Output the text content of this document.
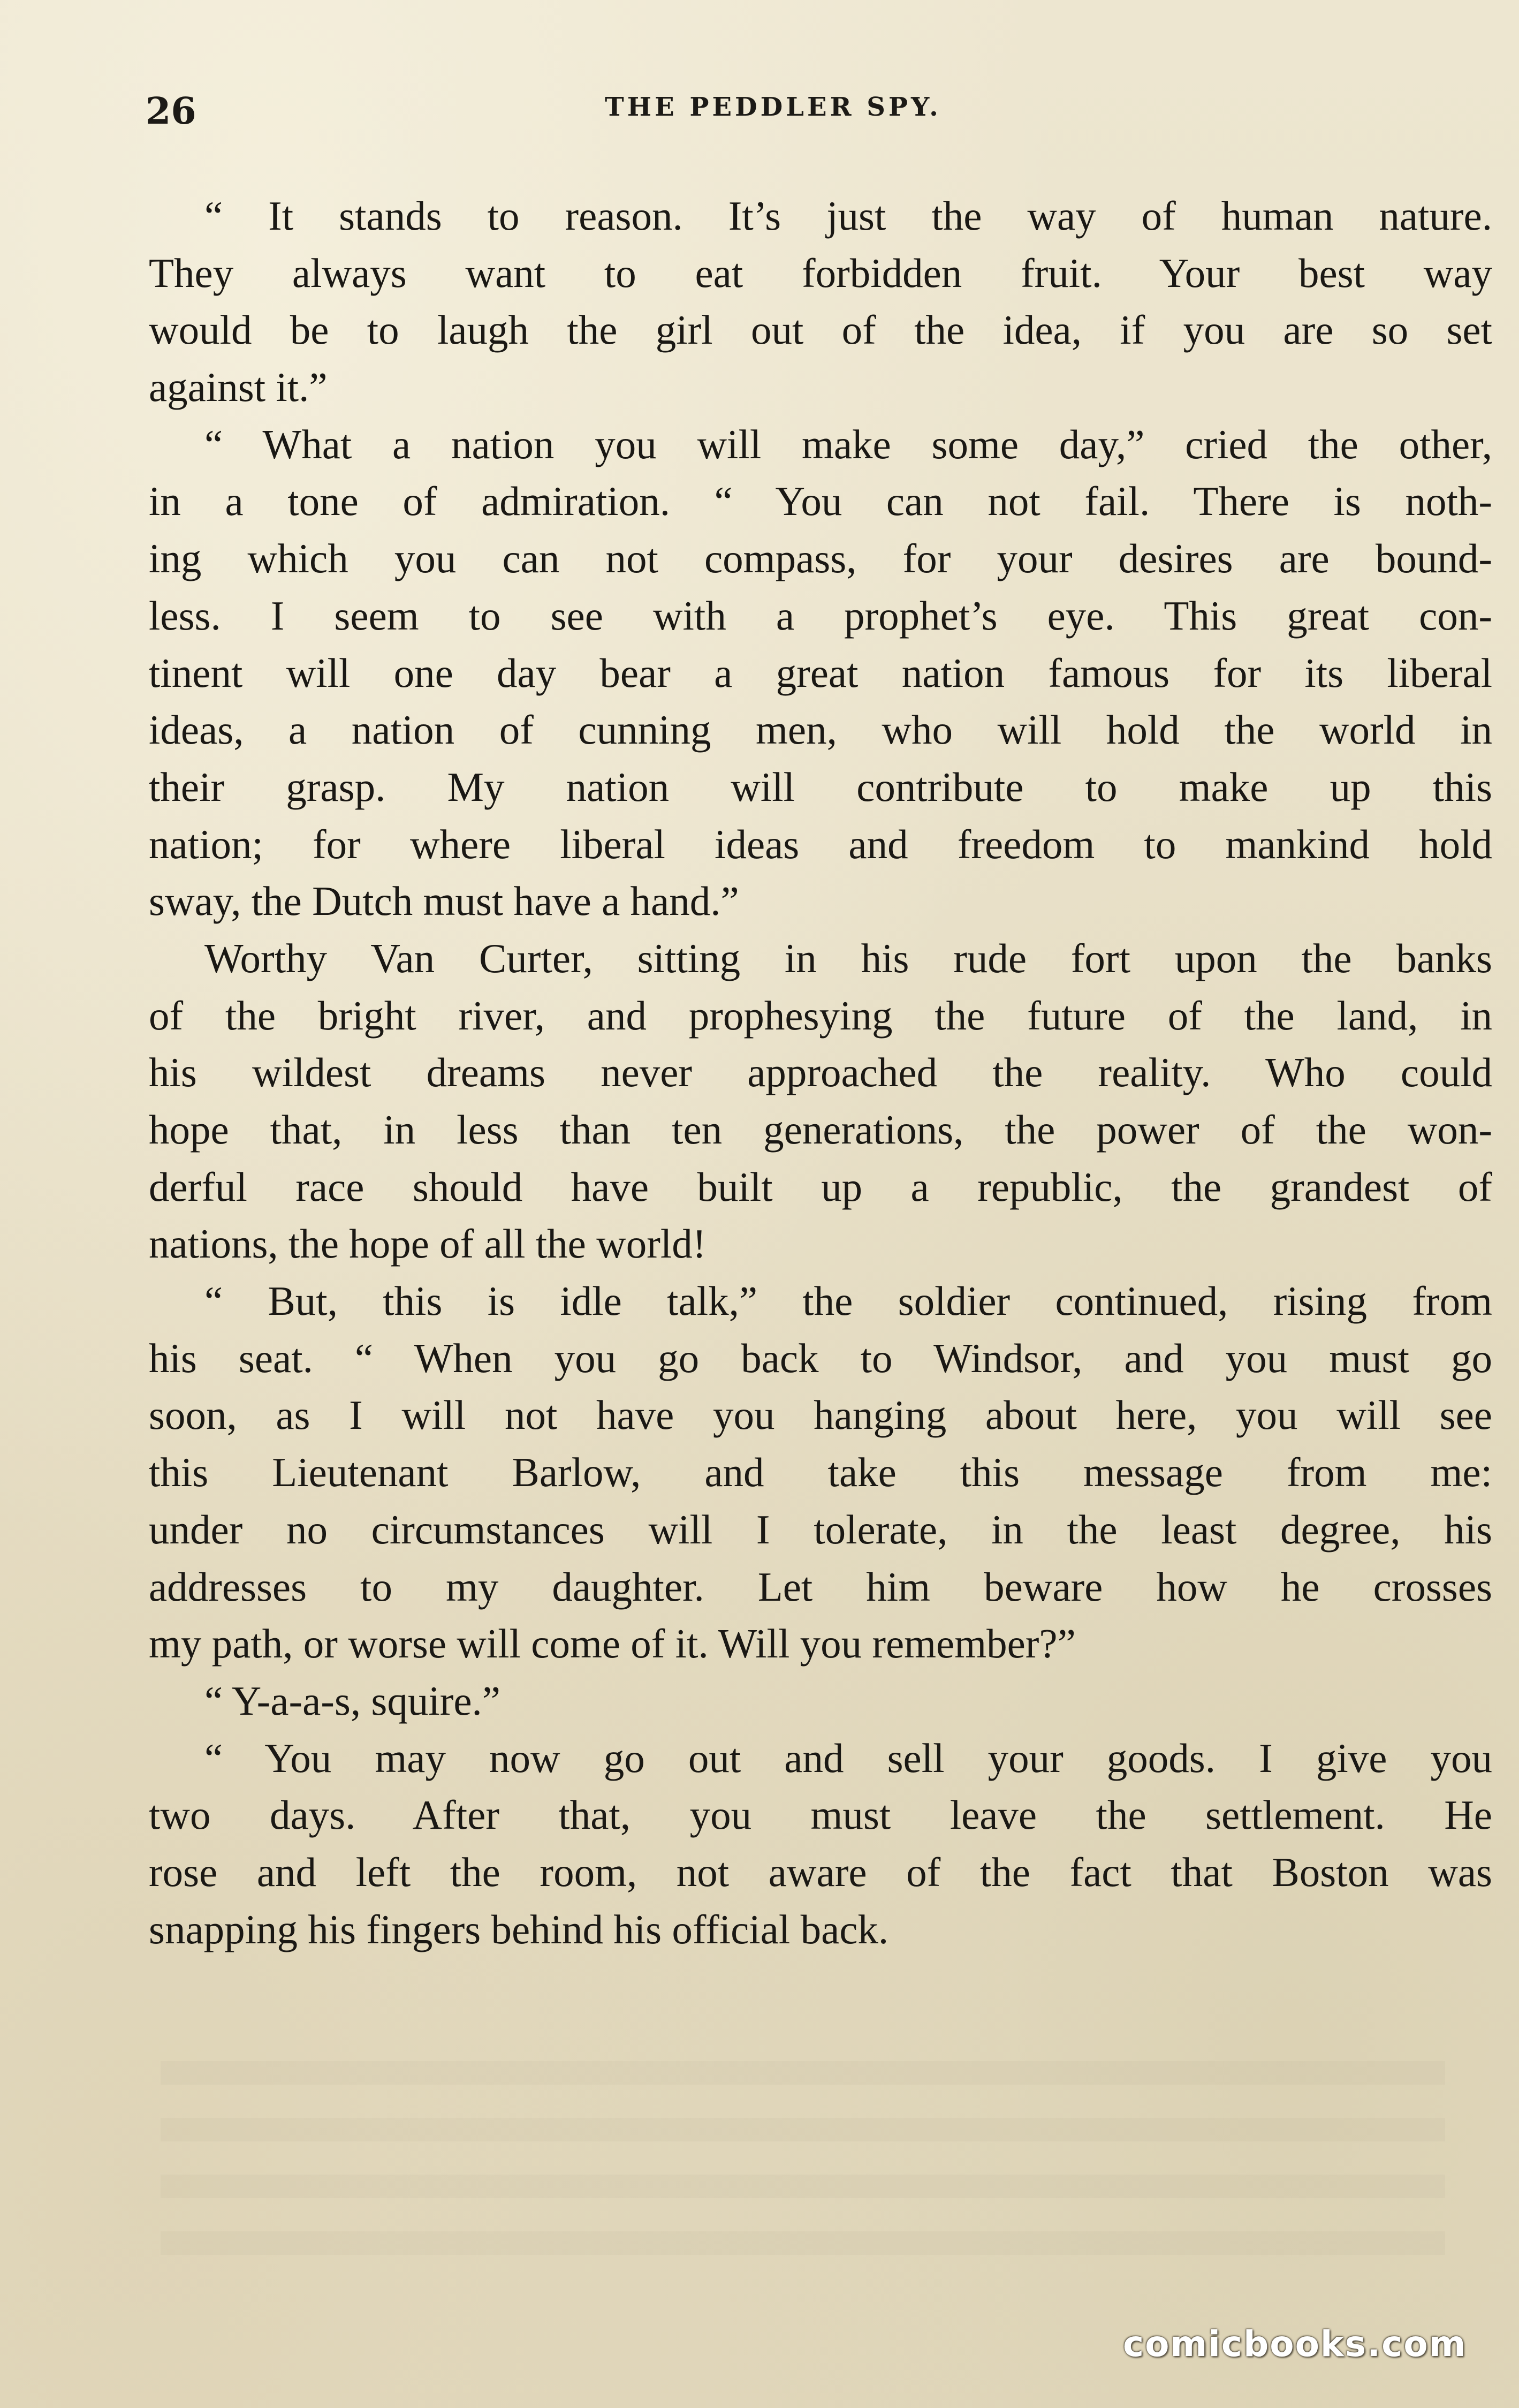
26	THE PEDDLER SPY.
“ It stands to reason. It’s just the way of human nature.
They always want to eat forbidden fruit. Your best way
would be to laugh the girl out of the idea, if you are so set
against it.”
“ What a nation you will make some day,” cried the other,
in a tone of admiration. “ You can not fail. There is noth-
ing which you can not compass, for your desires are bound-
less. I seem to see with a prophet’s eye. This great con-
tinent will one day bear a great nation famous for its liberal
ideas, a nation of cunning men, who will hold the world in
their grasp. My nation will contribute to make up this
nation; for where liberal ideas and freedom to mankind hold
sway, the Dutch must have a hand.”
Worthy Van Curter, sitting in his rude fort upon the banks
of the bright river, and prophesying the future of the land, in
his wildest dreams never approached the reality. Who could
hope that, in less than ten generations, the power of the won-
derful race should have built up a republic, the grandest of
nations, the hope of all the world!
“ But, this is idle talk,” the soldier continued, rising from
his seat. “ When you go back to Windsor, and you must go
soon, as I will not have you hanging about here, you will see
this Lieutenant Barlow, and take this message from me:
under no circumstances will I tolerate, in the least degree, his
addresses to my daughter. Let him beware how he crosses
my path, or worse will come of it. Will you remember?”
“ Y-a-a-s, squire.”
“ You may now go out and sell your goods. I give you
two days. After that, you must leave the settlement. He
rose and left the room, not aware of the fact that Boston was
snapping his fingers behind his official back.
comicbooks.com
